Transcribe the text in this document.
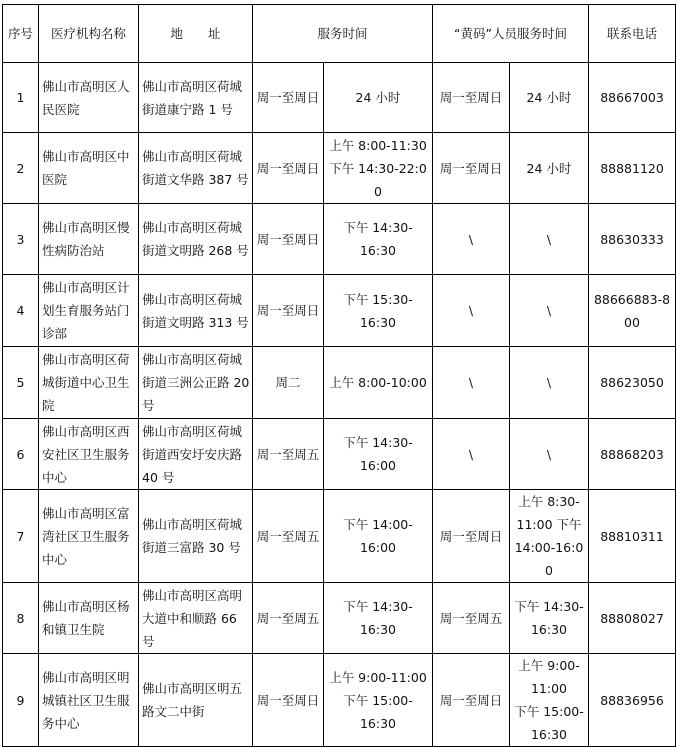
序号	医疗机构名称	地　　址	服务时间		“黄码”人员服务时间		联系电话
1	佛山市高明区人民医院	佛山市高明区荷城街道康宁路 1 号	周一至周日	24 小时	周一至周日	24 小时	88667003
2	佛山市高明区中医院	佛山市高明区荷城街道文华路 387 号	周一至周日	上午 8:00-11:30
下午 14:30-22:00	周一至周日	24 小时	88881120
3	佛山市高明区慢性病防治站	佛山市高明区荷城街道文明路 268 号	周一至周日	下午 14:30-
16:30	\	\	88630333
4	佛山市高明区计划生育服务站门诊部	佛山市高明区荷城街道文明路 313 号	周一至周日	下午 15:30-
16:30	\	\	88666883-800
5	佛山市高明区荷城街道中心卫生院	佛山市高明区荷城街道三洲公正路 20 号	周二	上午 8:00-10:00	\	\	88623050
6	佛山市高明区西安社区卫生服务中心	佛山市高明区荷城街道西安圩安庆路 40 号	周一至周五	下午 14:30-
16:00	\	\	88868203
7	佛山市高明区富湾社区卫生服务中心	佛山市高明区荷城街道三富路 30 号	周一至周五	下午 14:00-
16:00	周一至周日	上午 8:30-
11:00 下午
14:00-16:00	88810311
8	佛山市高明区杨和镇卫生院	佛山市高明区高明大道中和顺路 66 号	周一至周五	下午 14:30-
16:30	周一至周五	下午 14:30-
16:30	88808027
9	佛山市高明区明城镇社区卫生服务中心	佛山市高明区明五路文二中街	周一至周日	上午 9:00-11:00
下午 15:00-
16:30	周一至周日	上午 9:00-
11:00
下午 15:00-
16:30	88836956
